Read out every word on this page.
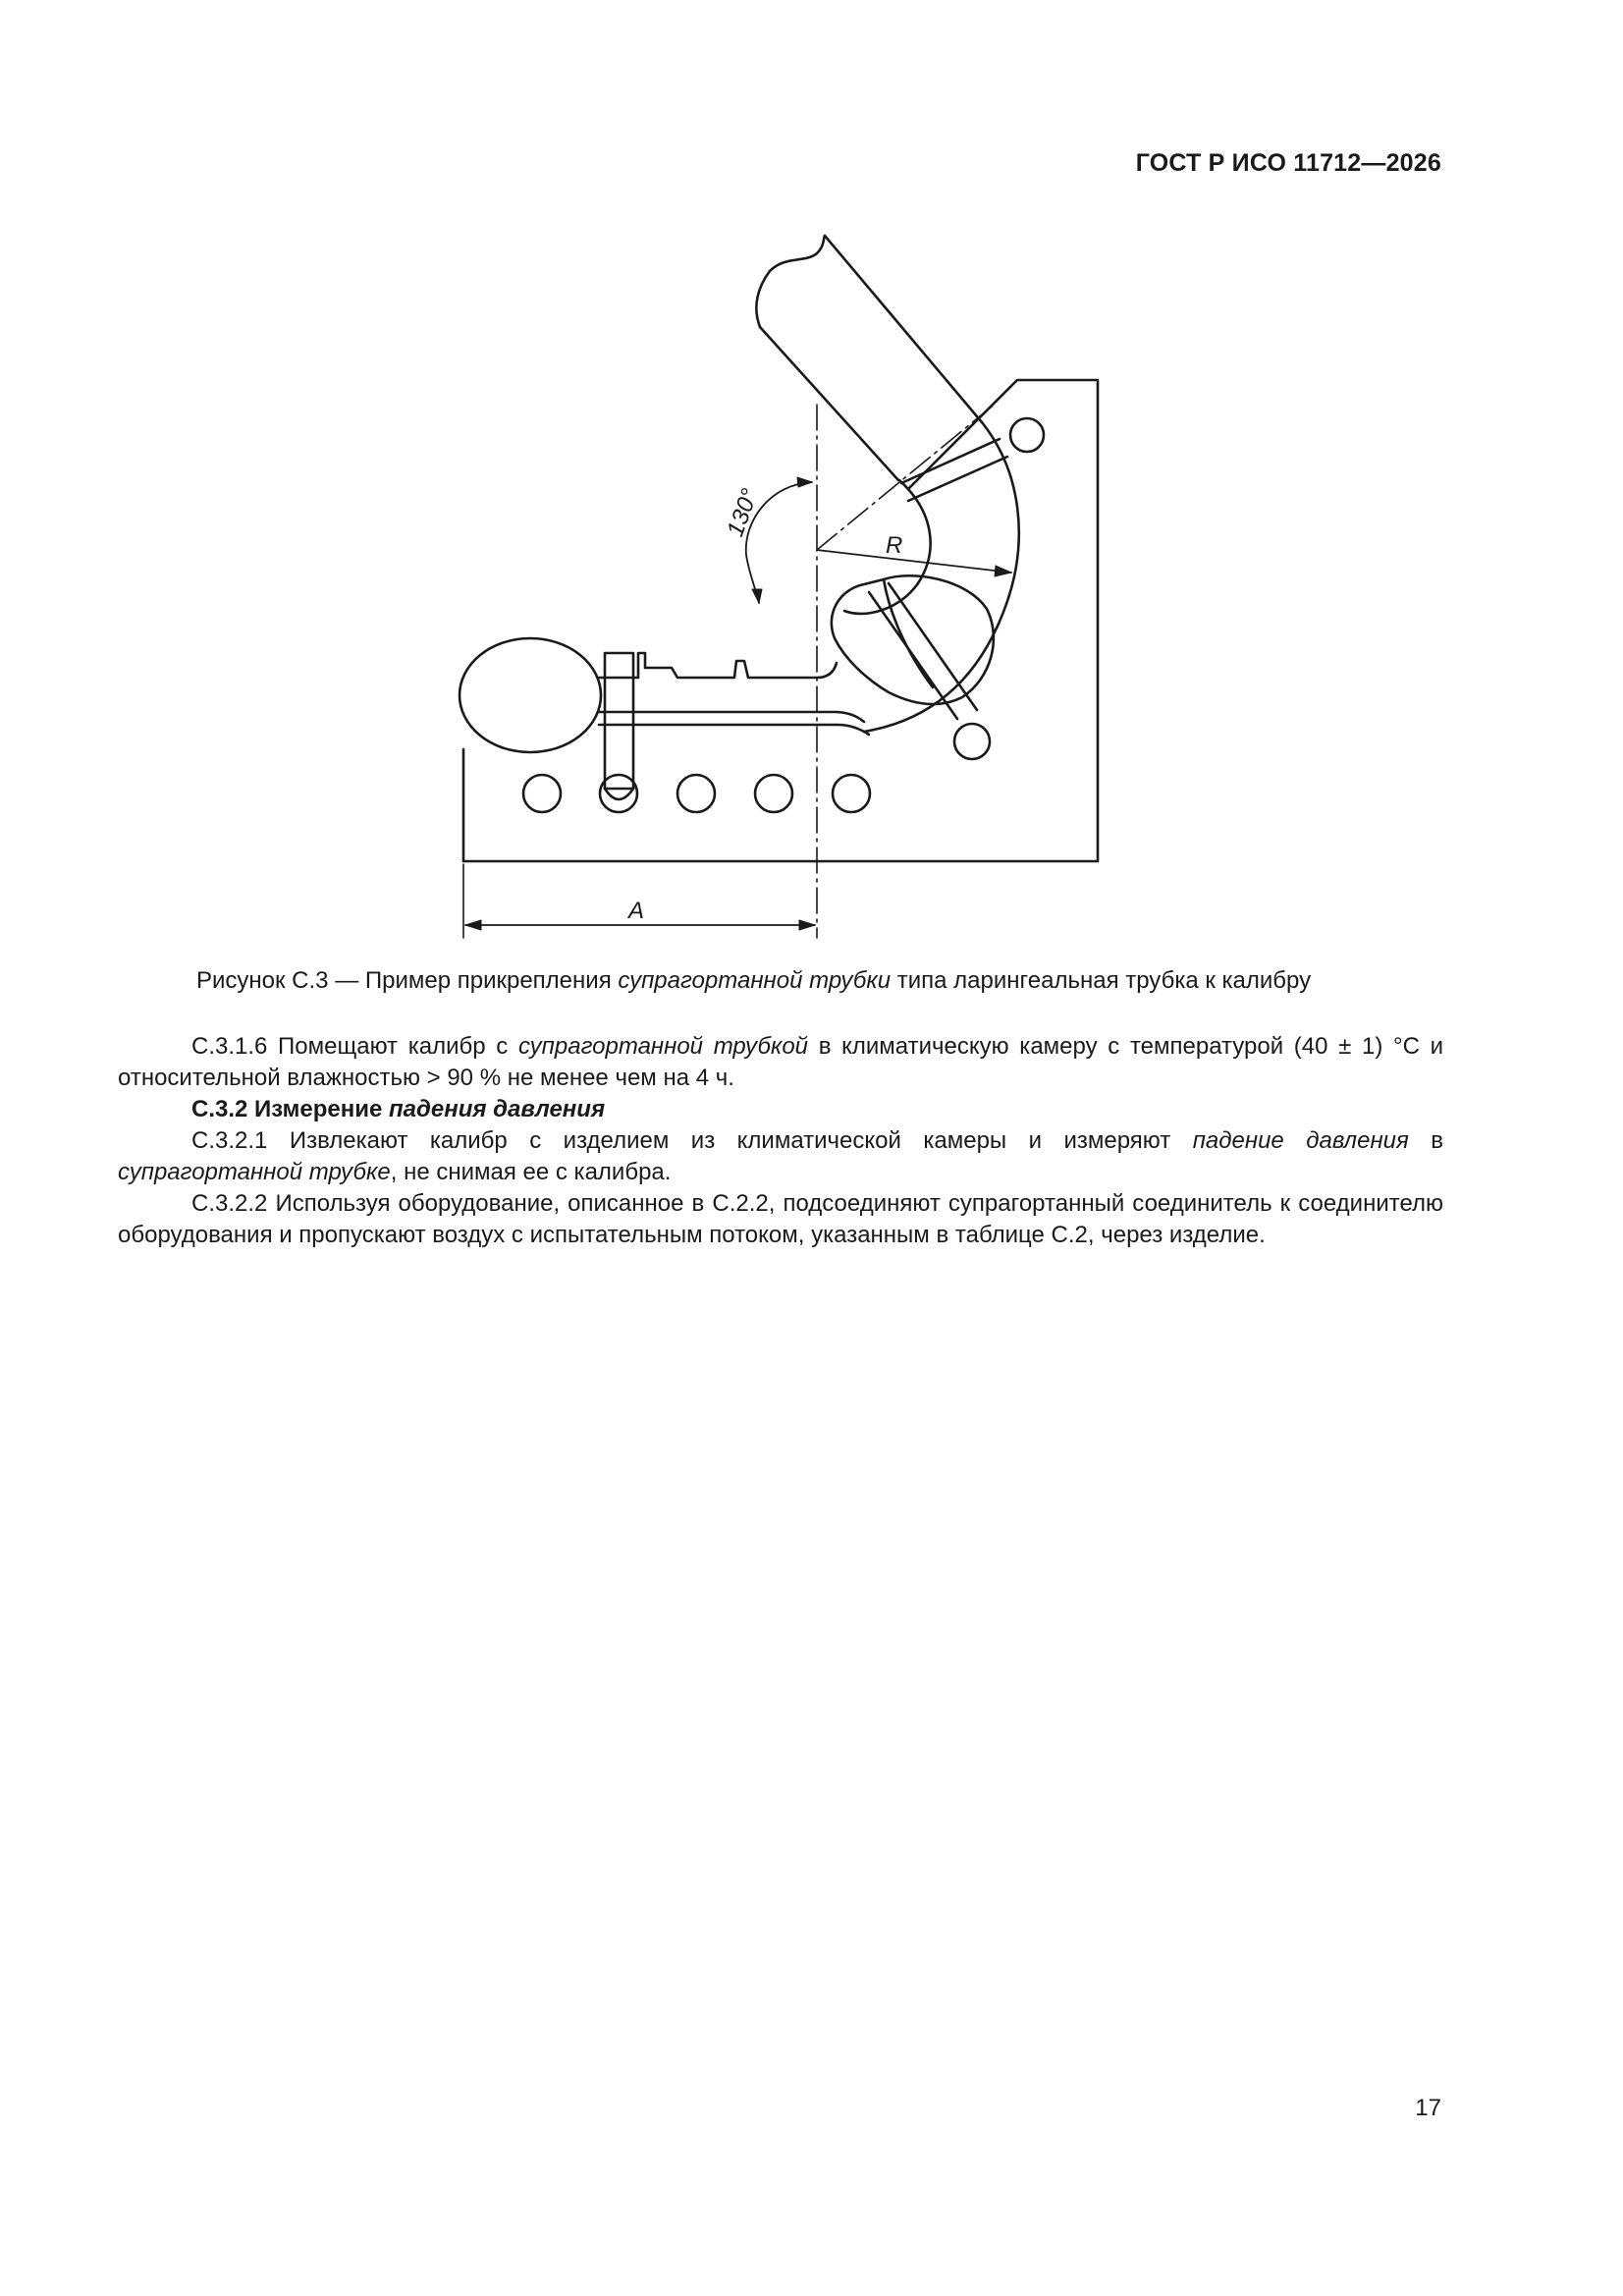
ГОСТ Р ИСО 11712—2026
130°
R
A
Рисунок С.3 — Пример прикрепления супрагортанной трубки типа ларингеальная трубка к калибру

С.3.1.6 Помещают калибр с супрагортанной трубкой в климатическую камеру с температурой (40 ± 1) °C и относительной влажностью > 90 % не менее чем на 4 ч.

С.3.2 Измерение падения давления

С.3.2.1 Извлекают калибр с изделием из климатической камеры и измеряют падение давления в супрагортанной трубке, не снимая ее с калибра.

С.3.2.2 Используя оборудование, описанное в С.2.2, подсоединяют супрагортанный соединитель к соединителю оборудования и пропускают воздух с испытательным потоком, указанным в таблице С.2, через изделие.

17
